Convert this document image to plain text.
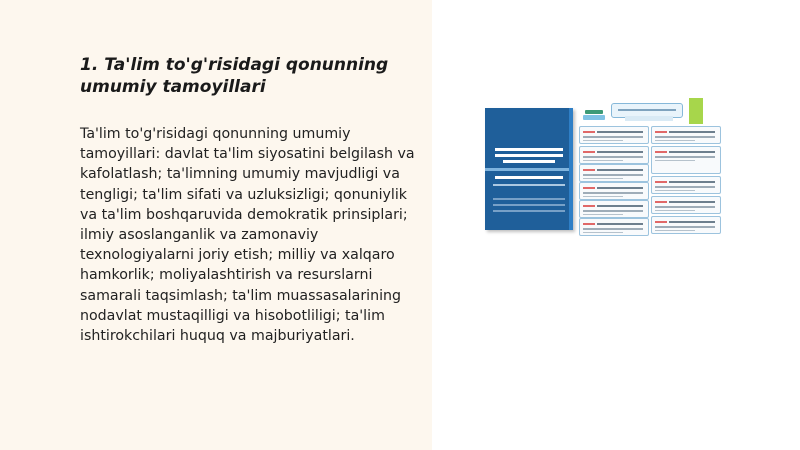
1. Ta'lim to'g'risidagi qonunning umumiy tamoyillari

Ta'lim to'g'risidagi qonunning umumiy tamoyillari: davlat ta'lim siyosatini belgilash va kafolatlash; ta'limning umumiy mavjudligi va tengligi; ta'lim sifati va uzluksizligi; qonuniylik va ta'lim boshqaruvida demokratik prinsiplari; ilmiy asoslanganlik va zamonaviy texnologiyalarni joriy etish; milliy va xalqaro hamkorlik; moliyalashtirish va resurslarni samarali taqsimlash; ta'lim muassasalarining nodavlat mustaqilligi va hisobotliligi; ta'lim ishtirokchilari huquq va majburiyatlari.
